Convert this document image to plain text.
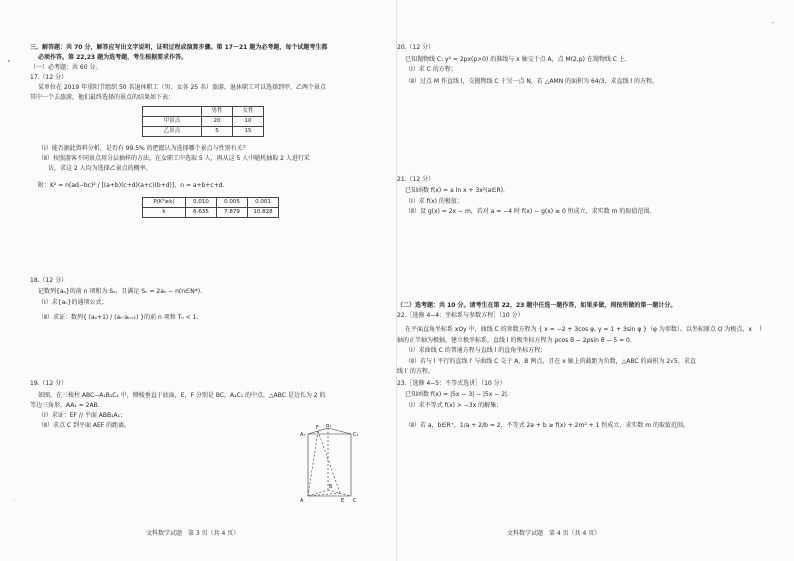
三、解答题：共 70 分，解答应写出文字说明，证明过程或演算步骤。第 17～21 题为必考题，每个试题考生都
必须作答。第 22,23 题为选考题，考生根据要求作答。
（一）必考题：共 60 分。
17.（12 分）
某单位在 2019 年重阳节组织 50 名退休职工（男、女各 25 名）旅游，退休职工可以选择到甲、乙两个景点
其中一个去旅游，他们最终选择的景点的结果如下表：
	男性	女性
甲景点	20	10
乙景点	5	15
（Ⅰ）能否据此资料分析，是否有 99.5% 的把握认为选择哪个景点与性别有关？
（Ⅱ）按照游客不同景点用分层抽样的方法，在女职工中选取 5 人，再从这 5 人中随机抽取 2 人进行采
访，求这 2 人均为选择乙景点的概率。
附：K² = n(ad−bc)² / [(a+b)(c+d)(a+c)(b+d)]，n = a+b+c+d.
P(K²≥k)	0.010	0.005	0.001
k	6.635	7.879	10.828
18.（12 分）
记数列{aₙ}的前 n 项和为 Sₙ，且满足 Sₙ = 2aₙ − n(n∈N*).
（Ⅰ）求{aₙ}的通项公式；
（Ⅱ）求证：数列{ (aₙ+1) / (aₙ·aₙ₊₁) }的前 n 项和 Tₙ < 1.
19.（12 分）
如图，在三棱柱 ABC−A₁B₁C₁ 中，侧棱垂直于底面，E，F 分别是 BC，A₁C₁ 的中点，△ABC 是边长为 2 的
等边三角形，AA₁ = 2AB.
（Ⅰ）求证：EF // 平面 ABB₁A₁；
（Ⅱ）求点 C 到平面 AEF 的距离。
A₁	C₁
B₁
A	C
B
F
E
文科数学试题　第 3 页（共 4 页）
20.（12 分）
已知抛物线 C: y² = 2px(p>0) 的准线与 x 轴交于点 A，点 M(2,p) 在抛物线 C 上.
（Ⅰ）求 C 的方程；
（Ⅱ）过点 M 作直线 l，交抛物线 C 于另一点 N，若 △AMN 的面积为 64/3，求直线 l 的方程。
21.（12 分）
已知函数 f(x) = a ln x + 3x²(a∈R).
（Ⅰ）求 f(x) 的极值；
（Ⅱ）设 g(x) = 2x − m，若对 a = −4 时 f(x) − g(x) ≥ 0 恒成立，求实数 m 的取值范围。
（二）选考题：共 10 分。请考生在第 22，23 题中任选一题作答，如果多做，则按所做的第一题计分。
22.［选修 4−4：坐标系与参数方程］（10 分）
在平面直角坐标系 xOy 中，曲线 C 的参数方程为 { x = −2 + 3cos φ, y = 1 + 3sin φ }（φ 为参数）。以坐标原点 O 为极点，x
轴的正半轴为极轴，建立极坐标系，直线 l 的极坐标方程为 ρcos θ − 2ρsin θ − 5 = 0.
（Ⅰ）求曲线 C 的普通方程与直线 l 的直角坐标方程；
（Ⅱ）若与 l 平行的直线 l′ 与曲线 C 交于 A，B 两点，且在 x 轴上的截距为负数，△ABC 的面积为 2√5，求直
线 l′ 的方程。
23.［选修 4−5：不等式选讲］（10 分）
已知函数 f(x) = |5x − 3| − |5x − 2|.
（Ⅰ）求不等式 f(x) > −3x 的解集；
（Ⅱ）若 a，b∈R⁺，1/a + 2/b = 2，不等式 2a + b ≥ f(x) + 2m² + 1 恒成立，求实数 m 的取值范围。
文科数学试题　第 4 页（共 4 页）
